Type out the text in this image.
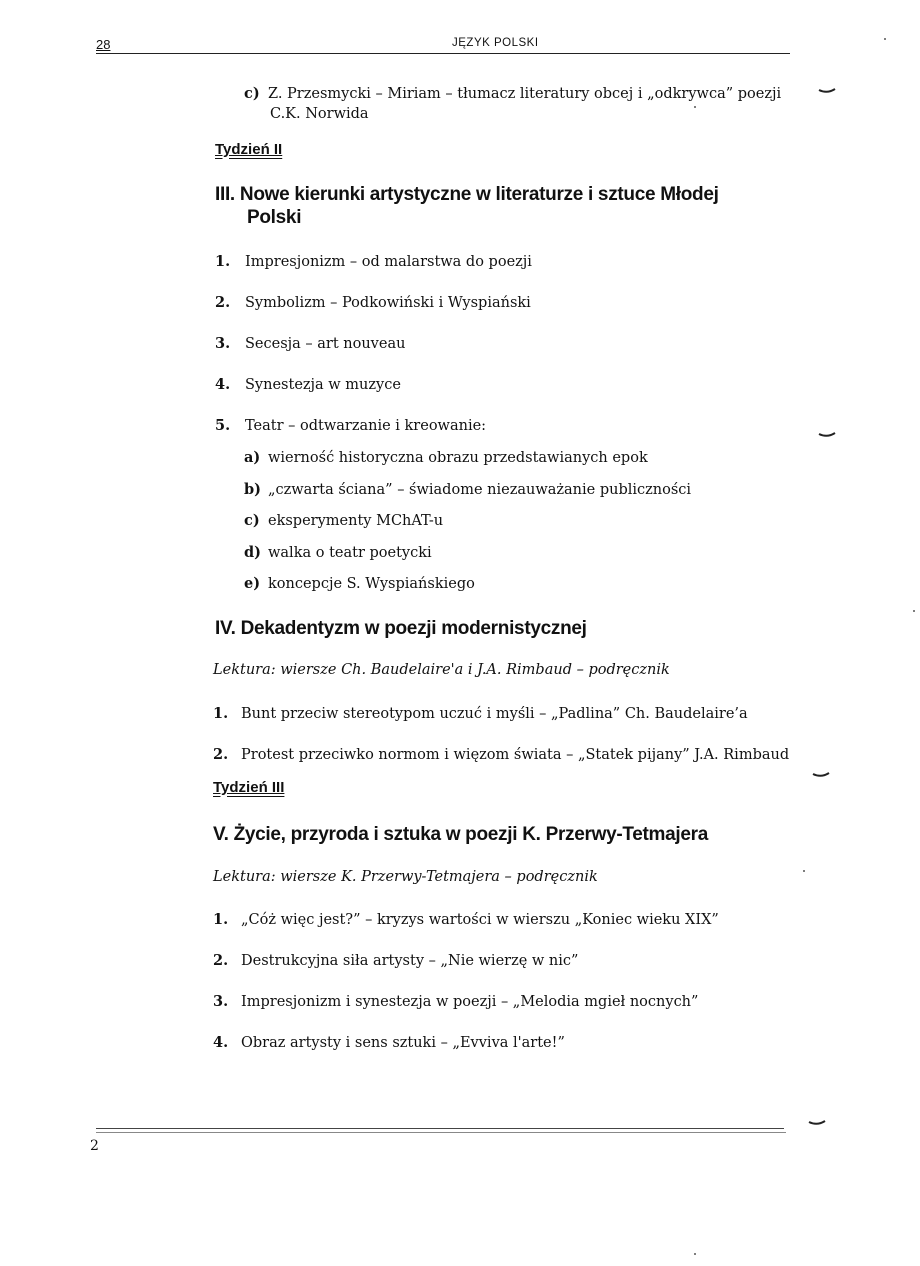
28	JĘZYK POLSKI
c) Z. Przesmycki – Miriam – tłumacz literatury obcej i „odkrywca” poezji
C.K. Norwida
Tydzień II
III. Nowe kierunki artystyczne w literaturze i sztuce Młodej
Polski
1. Impresjonizm – od malarstwa do poezji
2. Symbolizm – Podkowiński i Wyspiański
3. Secesja – art nouveau
4. Synestezja w muzyce
5. Teatr – odtwarzanie i kreowanie:
a) wierność historyczna obrazu przedstawianych epok
b) „czwarta ściana” – świadome niezauważanie publiczności
c) eksperymenty MChAT-u
d) walka o teatr poetycki
e) koncepcje S. Wyspiańskiego
IV. Dekadentyzm w poezji modernistycznej
Lektura: wiersze Ch. Baudelaire'a i J.A. Rimbaud – podręcznik
1. Bunt przeciw stereotypom uczuć i myśli – „Padlina” Ch. Baudelaire’a
2. Protest przeciwko normom i więzom świata – „Statek pijany” J.A. Rimbaud
Tydzień III
V. Życie, przyroda i sztuka w poezji K. Przerwy-Tetmajera
Lektura: wiersze K. Przerwy-Tetmajera – podręcznik
1. „Cóż więc jest?” – kryzys wartości w wierszu „Koniec wieku XIX”
2. Destrukcyjna siła artysty – „Nie wierzę w nic”
3. Impresjonizm i synestezja w poezji – „Melodia mgieł nocnych”
4. Obraz artysty i sens sztuki – „Evviva l'arte!”
2
